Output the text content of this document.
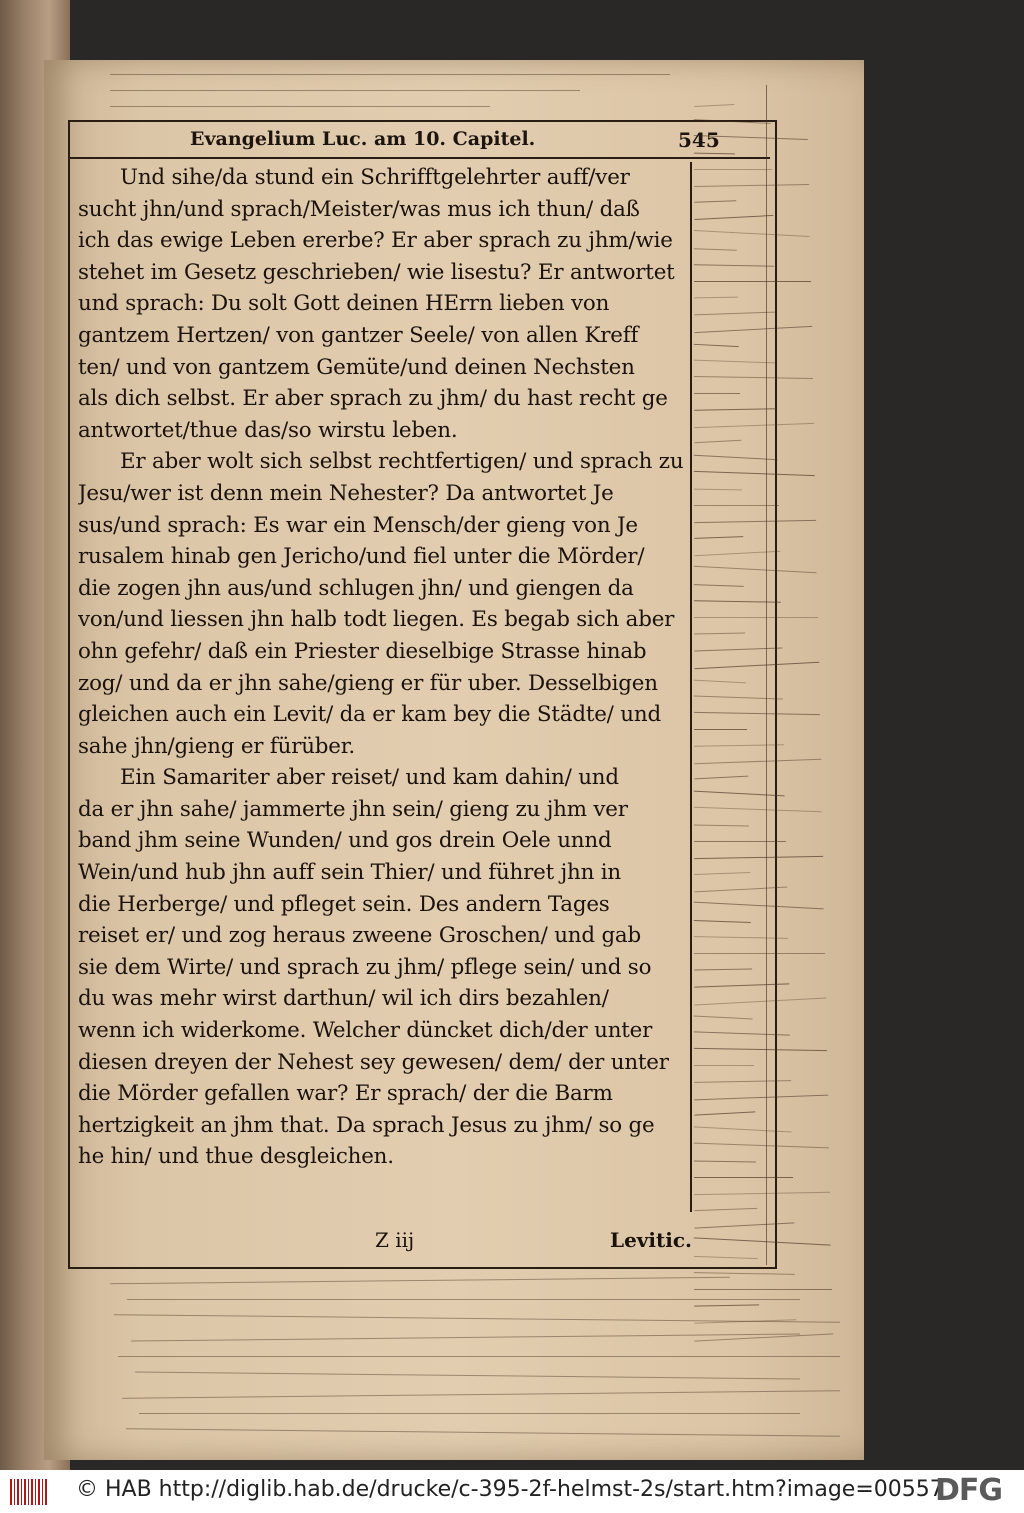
Evangelium Luc. am 10. Capitel.	545
Und sihe/da stund ein Schrifftgelehrter auff/ver
sucht jhn/und sprach/Meister/was mus ich thun/ daß
ich das ewige Leben ererbe? Er aber sprach zu jhm/wie
stehet im Gesetz geschrieben/ wie lisestu? Er antwortet
und sprach: Du solt Gott deinen HErrn lieben von
gantzem Hertzen/ von gantzer Seele/ von allen Kreff
ten/ und von gantzem Gemüte/und deinen Nechsten
als dich selbst. Er aber sprach zu jhm/ du hast recht ge
antwortet/thue das/so wirstu leben.
Er aber wolt sich selbst rechtfertigen/ und sprach zu
Jesu/wer ist denn mein Nehester? Da antwortet Je
sus/und sprach: Es war ein Mensch/der gieng von Je
rusalem hinab gen Jericho/und fiel unter die Mörder/
die zogen jhn aus/und schlugen jhn/ und giengen da
von/und liessen jhn halb todt liegen. Es begab sich aber
ohn gefehr/ daß ein Priester dieselbige Strasse hinab
zog/ und da er jhn sahe/gieng er für uber. Desselbigen
gleichen auch ein Levit/ da er kam bey die Städte/ und
sahe jhn/gieng er fürüber.
Ein Samariter aber reiset/ und kam dahin/ und
da er jhn sahe/ jammerte jhn sein/ gieng zu jhm ver
band jhm seine Wunden/ und gos drein Oele unnd
Wein/und hub jhn auff sein Thier/ und führet jhn in
die Herberge/ und pfleget sein. Des andern Tages
reiset er/ und zog heraus zweene Groschen/ und gab
sie dem Wirte/ und sprach zu jhm/ pflege sein/ und so
du was mehr wirst darthun/ wil ich dirs bezahlen/
wenn ich widerkome. Welcher düncket dich/der unter
diesen dreyen der Nehest sey gewesen/ dem/ der unter
die Mörder gefallen war? Er sprach/ der die Barm
hertzigkeit an jhm that. Da sprach Jesus zu jhm/ so ge
he hin/ und thue desgleichen.
Z iij	Levitic.
© HAB http://diglib.hab.de/drucke/c-395-2f-helmst-2s/start.htm?image=00557
DFG
